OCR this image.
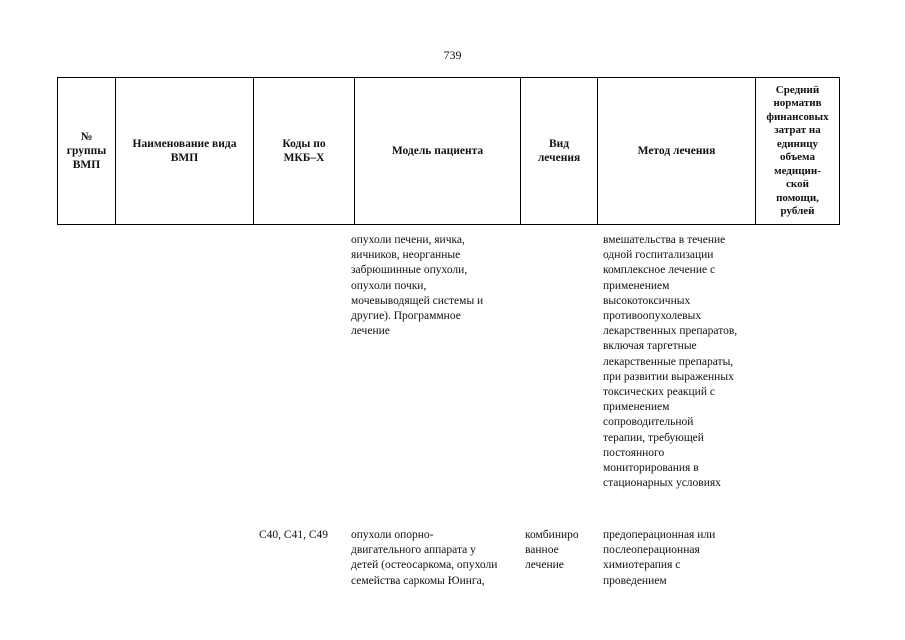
739
№
группы
ВМП
Наименование вида
ВМП
Коды по
МКБ–X
Модель пациента
Вид
лечения
Метод лечения
Средний
норматив
финансовых
затрат на
единицу
объема
медицин-
ской
помощи,
рублей
опухоли печени, яичка,
яичников, неорганные
забрюшинные опухоли,
опухоли почки,
мочевыводящей системы и
другие). Программное
лечение
вмешательства в течение
одной госпитализации
комплексное лечение с
применением
высокотоксичных
противоопухолевых
лекарственных препаратов,
включая таргетные
лекарственные препараты,
при развитии выраженных
токсических реакций с
применением
сопроводительной
терапии, требующей
постоянного
мониторирования в
стационарных условиях
C40, C41, C49	опухоли опорно-
двигательного аппарата у
детей (остеосаркома, опухоли
семейства саркомы Юинга,
комбиниро
ванное
лечение
предоперационная или
послеоперационная
химиотерапия с
проведением
